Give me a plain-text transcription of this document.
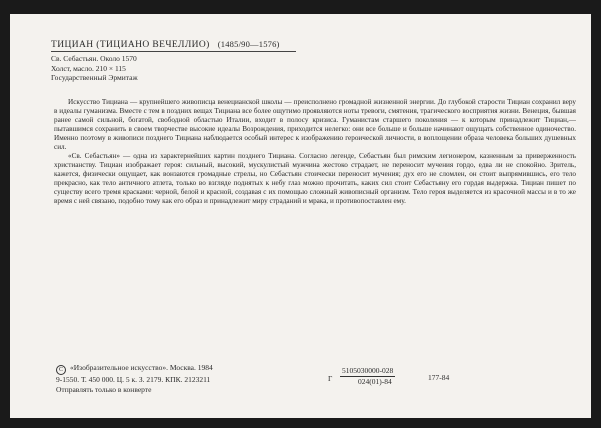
ТИЦИАН (ТИЦИАНО ВЕЧЕЛЛИО) (1485/90—1576)
Св. Себастьян. Около 1570
Холст, масло. 210 × 115
Государственный Эрмитаж

Искусство Тициана — крупнейшего живописца венецианской школы — преисполнено громадной жизненной энергии. До глубокой старости Тициан сохранил веру в идеалы гуманизма. Вместе с тем в поздних вещах Тициана все более ощутимо проявляются ноты тревоги, смятения, трагического восприятия жизни. Венеция, бывшая ранее самой сильной, богатой, свободной областью Италии, входит в полосу кризиса. Гуманистам старшего поколения — к которым принадлежит Тициан,— пытавшимся сохранить в своем творчестве высокие идеалы Возрождения, приходится нелегко: они все больше и больше начинают ощущать собственное одиночество. Именно поэтому в живописи позднего Тициана наблюдается особый интерес к изображению героической личности, в воплощении образа человека большиx душевных сил.

«Св. Себастьян» — одна из характернейших картин позднего Тициана. Согласно легенде, Себастьян был римским легионером, казненным за приверженность христианству. Тициан изображает героя: сильный, высокий, мускулистый мужчина жестоко страдает, не переносит мучения гордо, едва ли не спокойно. Зритель, кажется, физически ощущает, как вонзаются громадные стрелы, но Себастьян стоически переносит мучения; дух его не сломлен, он стоит выпрямившись, его тело прекрасно, как тело античного атлета, только во взгляде поднятых к небу глаз можно прочитать, каких сил стоит Себастьяну его гордая выдержка. Тициан пишет по существу всего тремя красками: черной, белой и красной, создавая с их помощью сложный живописный организм. Тело героя выделяется из красочной массы и в то же время с ней связано, подобно тому как его образ и принадлежит миру страданий и мрака, и противопоставлен ему.

C «Изобразительное искусство». Москва. 1984
9-1550. Т. 450 000. Ц. 5 к. З. 2179. КПК. 2123211
Отправлять только в конверте
Г
5105030000-028
024(01)-84	177-84
